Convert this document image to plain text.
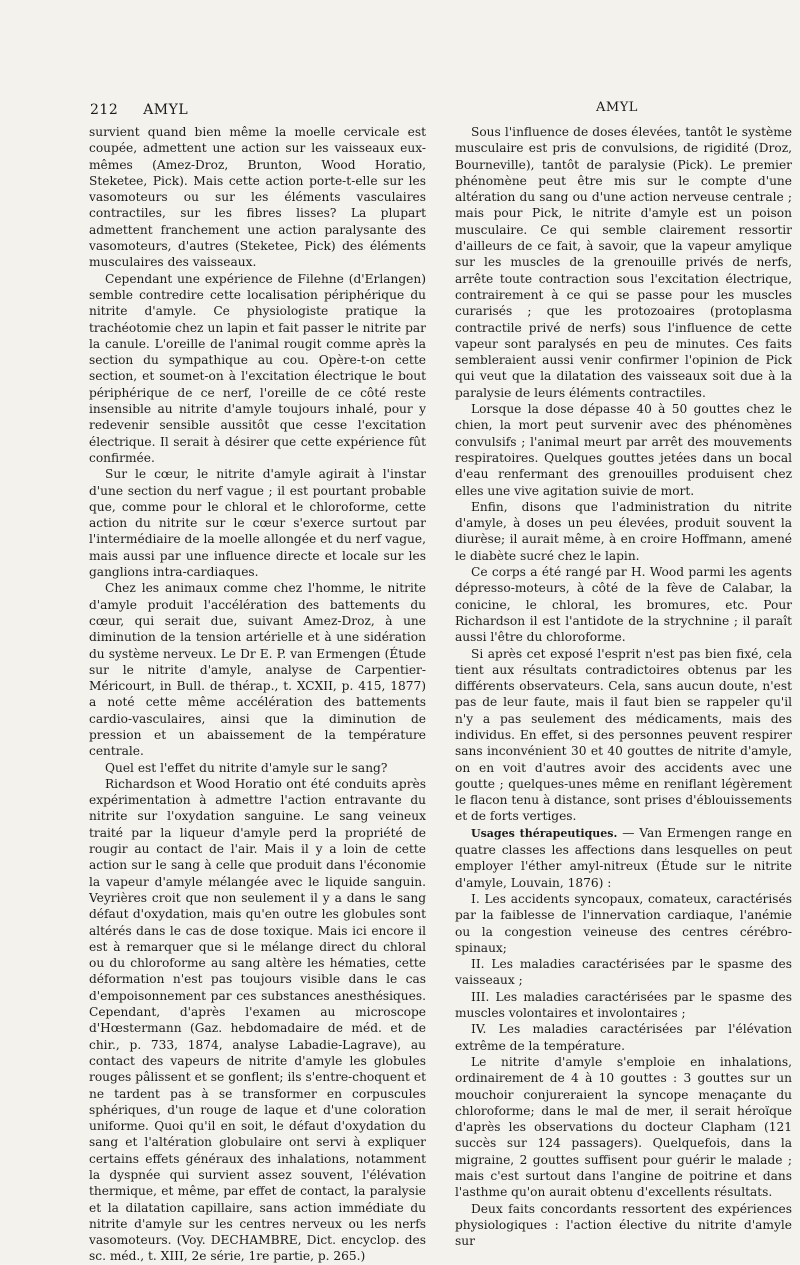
212 AMYL	AMYL

survient quand bien même la moelle cervicale est coupée, admettent une action sur les vaisseaux eux-mêmes (Amez-Droz, Brunton, Wood Horatio, Steketee, Pick). Mais cette action porte-t-elle sur les vasomoteurs ou sur les éléments vasculaires contractiles, sur les fibres lisses? La plupart admettent franchement une action paralysante des vasomoteurs, d'autres (Steketee, Pick) des éléments musculaires des vaisseaux.

Cependant une expérience de Filehne (d'Erlangen) semble contredire cette localisation périphérique du nitrite d'amyle. Ce physiologiste pratique la trachéotomie chez un lapin et fait passer le nitrite par la canule. L'oreille de l'animal rougit comme après la section du sympathique au cou. Opère-t-on cette section, et soumet-on à l'excitation électrique le bout périphérique de ce nerf, l'oreille de ce côté reste insensible au nitrite d'amyle toujours inhalé, pour y redevenir sensible aussitôt que cesse l'excitation électrique. Il serait à désirer que cette expérience fût confirmée.

Sur le cœur, le nitrite d'amyle agirait à l'instar d'une section du nerf vague ; il est pourtant probable que, comme pour le chloral et le chloroforme, cette action du nitrite sur le cœur s'exerce surtout par l'intermédiaire de la moelle allongée et du nerf vague, mais aussi par une influence directe et locale sur les ganglions intra-cardiaques.

Chez les animaux comme chez l'homme, le nitrite d'amyle produit l'accélération des battements du cœur, qui serait due, suivant Amez-Droz, à une diminution de la tension artérielle et à une sidération du système nerveux. Le Dr E. P. van Ermengen (Étude sur le nitrite d'amyle, analyse de Carpentier-Méricourt, in Bull. de thérap., t. XCXII, p. 415, 1877) a noté cette même accélération des battements cardio-vasculaires, ainsi que la diminution de pression et un abaissement de la température centrale.

Quel est l'effet du nitrite d'amyle sur le sang?

Richardson et Wood Horatio ont été conduits après expérimentation à admettre l'action entravante du nitrite sur l'oxydation sanguine. Le sang veineux traité par la liqueur d'amyle perd la propriété de rougir au contact de l'air. Mais il y a loin de cette action sur le sang à celle que produit dans l'économie la vapeur d'amyle mélangée avec le liquide sanguin. Veyrières croit que non seulement il y a dans le sang défaut d'oxydation, mais qu'en outre les globules sont altérés dans le cas de dose toxique. Mais ici encore il est à remarquer que si le mélange direct du chloral ou du chloroforme au sang altère les hématies, cette déformation n'est pas toujours visible dans le cas d'empoisonnement par ces substances anesthésiques. Cependant, d'après l'examen au microscope d'Hœstermann (Gaz. hebdomadaire de méd. et de chir., p. 733, 1874, analyse Labadie-Lagrave), au contact des vapeurs de nitrite d'amyle les globules rouges pâlissent et se gonflent; ils s'entre-choquent et ne tardent pas à se transformer en corpuscules sphériques, d'un rouge de laque et d'une coloration uniforme. Quoi qu'il en soit, le défaut d'oxydation du sang et l'altération globulaire ont servi à expliquer certains effets généraux des inhalations, notamment la dyspnée qui survient assez souvent, l'élévation thermique, et même, par effet de contact, la paralysie et la dilatation capillaire, sans action immédiate du nitrite d'amyle sur les centres nerveux ou les nerfs vasomoteurs. (Voy. DECHAMBRE, Dict. encyclop. des sc. méd., t. XIII, 2e série, 1re partie, p. 265.)

Sous l'influence de doses élevées, tantôt le système musculaire est pris de convulsions, de rigidité (Droz, Bourneville), tantôt de paralysie (Pick). Le premier phénomène peut être mis sur le compte d'une altération du sang ou d'une action nerveuse centrale ; mais pour Pick, le nitrite d'amyle est un poison musculaire. Ce qui semble clairement ressortir d'ailleurs de ce fait, à savoir, que la vapeur amylique sur les muscles de la grenouille privés de nerfs, arrête toute contraction sous l'excitation électrique, contrairement à ce qui se passe pour les muscles curarisés ; que les protozoaires (protoplasma contractile privé de nerfs) sous l'influence de cette vapeur sont paralysés en peu de minutes. Ces faits sembleraient aussi venir confirmer l'opinion de Pick qui veut que la dilatation des vaisseaux soit due à la paralysie de leurs éléments contractiles.

Lorsque la dose dépasse 40 à 50 gouttes chez le chien, la mort peut survenir avec des phénomènes convulsifs ; l'animal meurt par arrêt des mouvements respiratoires. Quelques gouttes jetées dans un bocal d'eau renfermant des grenouilles produisent chez elles une vive agitation suivie de mort.

Enfin, disons que l'administration du nitrite d'amyle, à doses un peu élevées, produit souvent la diurèse; il aurait même, à en croire Hoffmann, amené le diabète sucré chez le lapin.

Ce corps a été rangé par H. Wood parmi les agents dépresso-moteurs, à côté de la fève de Calabar, la conicine, le chloral, les bromures, etc. Pour Richardson il est l'antidote de la strychnine ; il paraît aussi l'être du chloroforme.

Si après cet exposé l'esprit n'est pas bien fixé, cela tient aux résultats contradictoires obtenus par les différents observateurs. Cela, sans aucun doute, n'est pas de leur faute, mais il faut bien se rappeler qu'il n'y a pas seulement des médicaments, mais des individus. En effet, si des personnes peuvent respirer sans inconvénient 30 et 40 gouttes de nitrite d'amyle, on en voit d'autres avoir des accidents avec une goutte ; quelques-unes même en reniflant légèrement le flacon tenu à distance, sont prises d'éblouissements et de forts vertiges.

Usages thérapeutiques. — Van Ermengen range en quatre classes les affections dans lesquelles on peut employer l'éther amyl-nitreux (Étude sur le nitrite d'amyle, Louvain, 1876) :

I. Les accidents syncopaux, comateux, caractérisés par la faiblesse de l'innervation cardiaque, l'anémie ou la congestion veineuse des centres cérébro-spinaux;

II. Les maladies caractérisées par le spasme des vaisseaux ;

III. Les maladies caractérisées par le spasme des muscles volontaires et involontaires ;

IV. Les maladies caractérisées par l'élévation extrême de la température.

Le nitrite d'amyle s'emploie en inhalations, ordinairement de 4 à 10 gouttes : 3 gouttes sur un mouchoir conjureraient la syncope menaçante du chloroforme; dans le mal de mer, il serait héroïque d'après les observations du docteur Clapham (121 succès sur 124 passagers). Quelquefois, dans la migraine, 2 gouttes suffisent pour guérir le malade ; mais c'est surtout dans l'angine de poitrine et dans l'asthme qu'on aurait obtenu d'excellents résultats.

Deux faits concordants ressortent des expériences physiologiques : l'action élective du nitrite d'amyle sur
